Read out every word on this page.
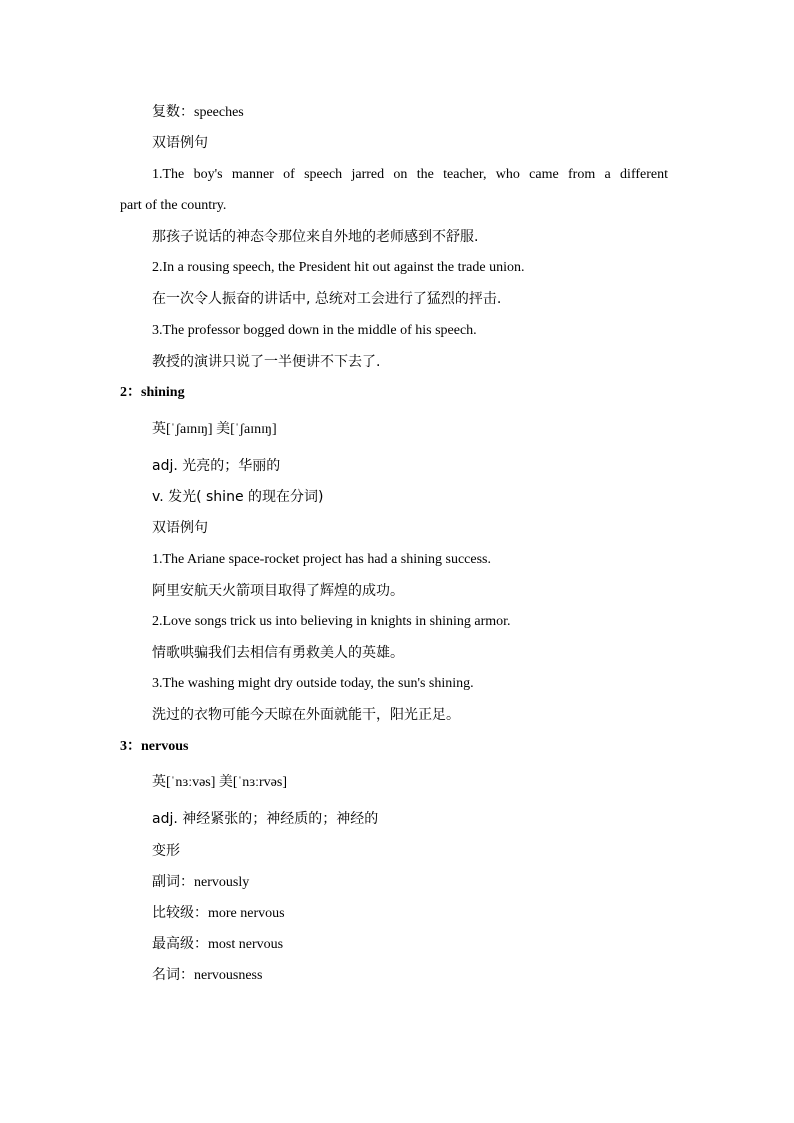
复数：speeches
双语例句
1.The boy's manner of speech jarred on the teacher, who came from a different
part of the country.
那孩子说话的神态令那位来自外地的老师感到不舒服.
2.In a rousing speech, the President hit out against the trade union.
在一次令人振奋的讲话中, 总统对工会进行了猛烈的抨击.
3.The professor bogged down in the middle of his speech.
教授的演讲只说了一半便讲不下去了.
2：shining
英[ˈʃaɪnɪŋ] 美[ˈʃaɪnɪŋ]
adj. 光亮的；华丽的
v. 发光( shine 的现在分词)
双语例句
1.The Ariane space-rocket project has had a shining success.
阿里安航天火箭项目取得了辉煌的成功。
2.Love songs trick us into believing in knights in shining armor.
情歌哄骗我们去相信有勇救美人的英雄。
3.The washing might dry outside today, the sun's shining.
洗过的衣物可能今天晾在外面就能干，阳光正足。
3：nervous
英[ˈnɜːvəs] 美[ˈnɜːrvəs]
adj. 神经紧张的；神经质的；神经的
变形
副词：nervously
比较级：more nervous
最高级：most nervous
名词：nervousness
